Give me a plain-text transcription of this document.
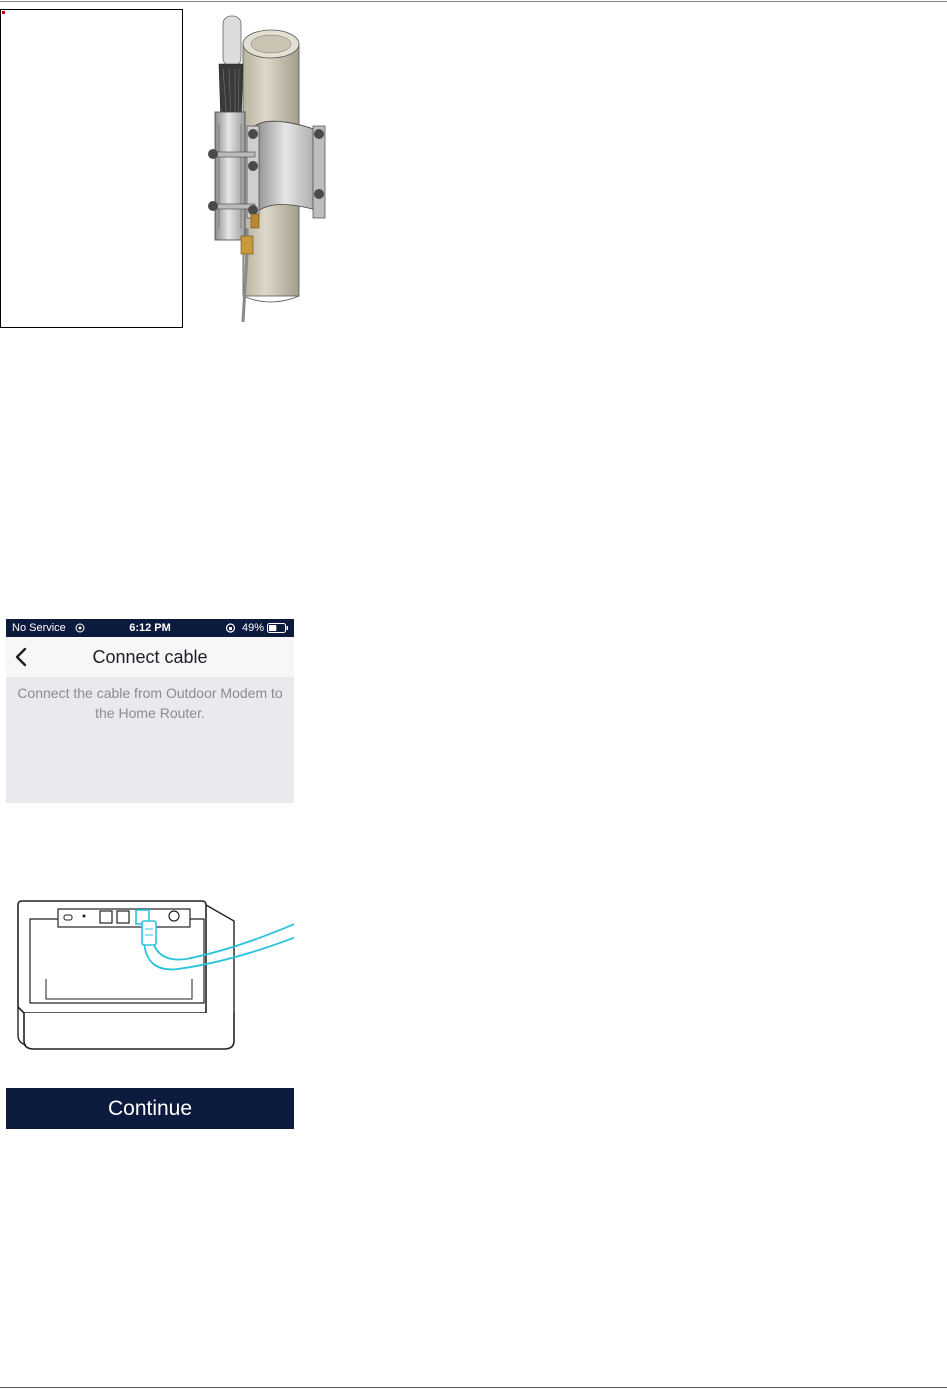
No Service	6:12 PM	49%
Connect cable
Connect the cable from Outdoor Modem to the Home Router.
Continue
